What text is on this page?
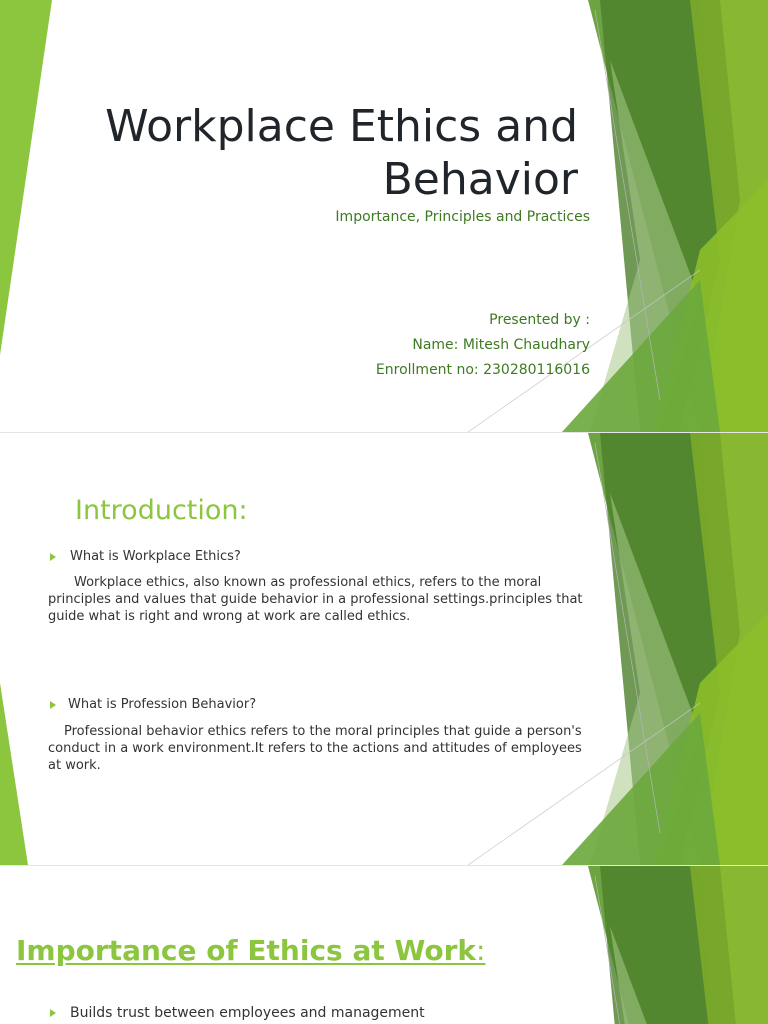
Workplace Ethics and Behavior

Importance, Principles and Practices

Presented by :
Name: Mitesh Chaudhary
Enrollment no: 230280116016
Introduction:
What is Workplace Ethics?

Workplace ethics, also known as professional ethics, refers to the moral principles and values that guide behavior in a professional settings.principles that guide what is right and wrong at work are called ethics.

What is Profession Behavior?

Professional behavior ethics refers to the moral principles that guide a person's conduct in a work environment.It refers to the actions and attitudes of employees at work.

Importance of Ethics at Work:
Builds trust between employees and management
